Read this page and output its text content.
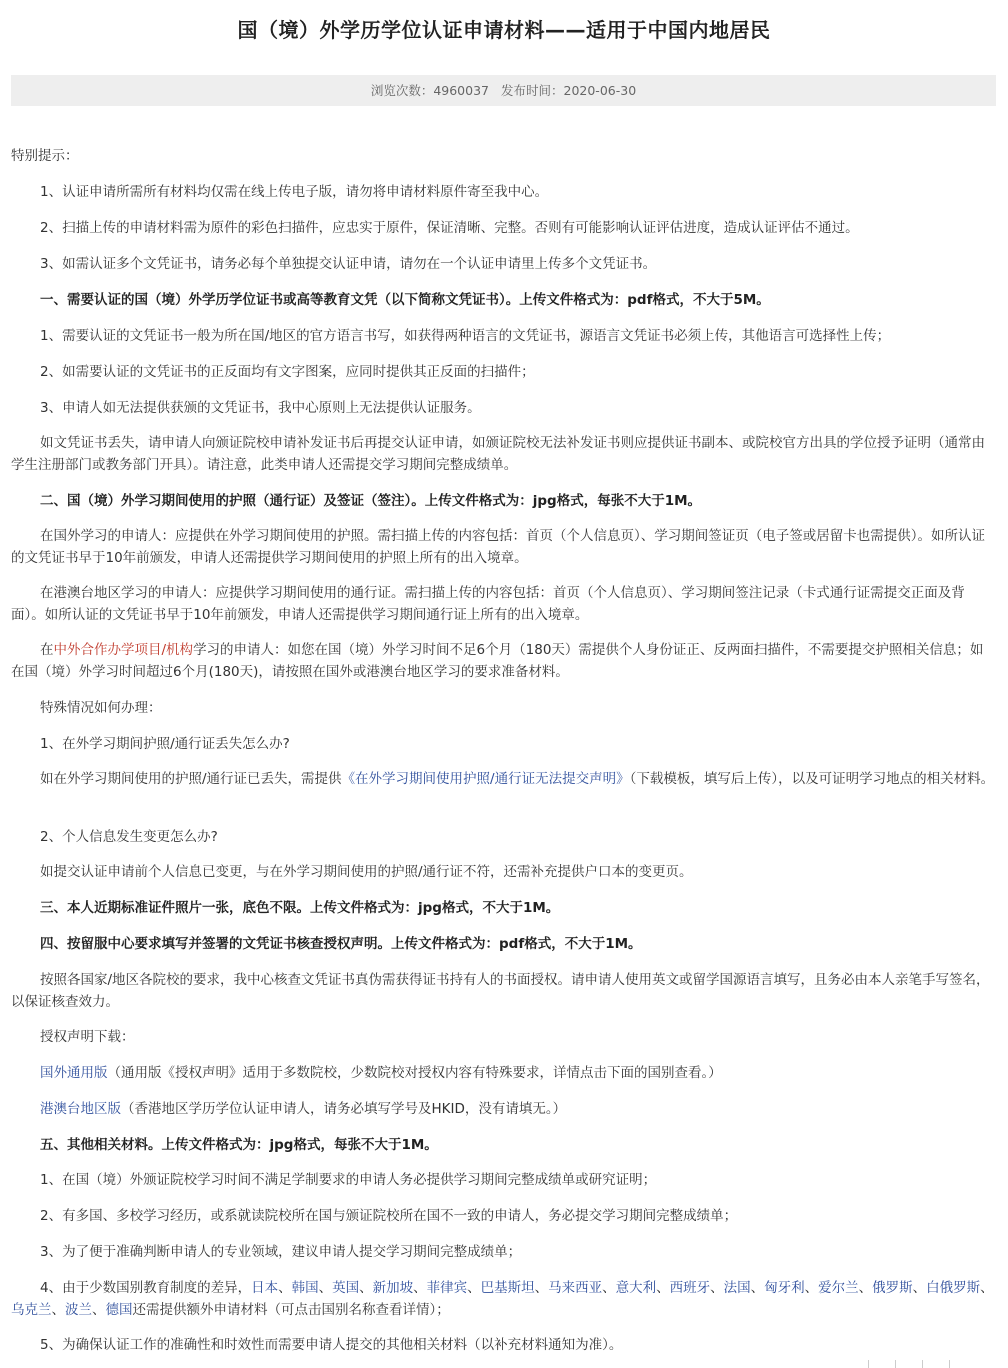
国（境）外学历学位认证申请材料——适用于中国内地居民
浏览次数：4960037 发布时间：2020-06-30
特别提示：
1、认证申请所需所有材料均仅需在线上传电子版，请勿将申请材料原件寄至我中心。
2、扫描上传的申请材料需为原件的彩色扫描件，应忠实于原件，保证清晰、完整。否则有可能影响认证评估进度，造成认证评估不通过。
3、如需认证多个文凭证书，请务必每个单独提交认证申请，请勿在一个认证申请里上传多个文凭证书。
一、需要认证的国（境）外学历学位证书或高等教育文凭（以下简称文凭证书）。上传文件格式为：pdf格式，不大于5M。
1、需要认证的文凭证书一般为所在国/地区的官方语言书写，如获得两种语言的文凭证书，源语言文凭证书必须上传，其他语言可选择性上传；
2、如需要认证的文凭证书的正反面均有文字图案，应同时提供其正反面的扫描件；
3、申请人如无法提供获颁的文凭证书，我中心原则上无法提供认证服务。
如文凭证书丢失，请申请人向颁证院校申请补发证书后再提交认证申请，如颁证院校无法补发证书则应提供证书副本、或院校官方出具的学位授予证明（通常由学生注册部门或教务部门开具）。请注意，此类申请人还需提交学习期间完整成绩单。
二、国（境）外学习期间使用的护照（通行证）及签证（签注）。上传文件格式为：jpg格式，每张不大于1M。
在国外学习的申请人：应提供在外学习期间使用的护照。需扫描上传的内容包括：首页（个人信息页）、学习期间签证页（电子签或居留卡也需提供）。如所认证的文凭证书早于10年前颁发，申请人还需提供学习期间使用的护照上所有的出入境章。
在港澳台地区学习的申请人：应提供学习期间使用的通行证。需扫描上传的内容包括：首页（个人信息页）、学习期间签注记录（卡式通行证需提交正面及背面）。如所认证的文凭证书早于10年前颁发，申请人还需提供学习期间通行证上所有的出入境章。
在中外合作办学项目/机构学习的申请人：如您在国（境）外学习时间不足6个月（180天）需提供个人身份证正、反两面扫描件，不需要提交护照相关信息；如在国（境）外学习时间超过6个月(180天)，请按照在国外或港澳台地区学习的要求准备材料。
特殊情况如何办理：
1、在外学习期间护照/通行证丢失怎么办?
如在外学习期间使用的护照/通行证已丢失，需提供《在外学习期间使用护照/通行证无法提交声明》（下载模板，填写后上传），以及可证明学习地点的相关材料。
2、个人信息发生变更怎么办?
如提交认证申请前个人信息已变更，与在外学习期间使用的护照/通行证不符，还需补充提供户口本的变更页。
三、本人近期标准证件照片一张，底色不限。上传文件格式为：jpg格式，不大于1M。
四、按留服中心要求填写并签署的文凭证书核查授权声明。上传文件格式为：pdf格式，不大于1M。
按照各国家/地区各院校的要求，我中心核查文凭证书真伪需获得证书持有人的书面授权。请申请人使用英文或留学国源语言填写，且务必由本人亲笔手写签名，以保证核查效力。
授权声明下载：
国外通用版（通用版《授权声明》适用于多数院校，少数院校对授权内容有特殊要求，详情点击下面的国别查看。）
港澳台地区版（香港地区学历学位认证申请人，请务必填写学号及HKID，没有请填无。）
五、其他相关材料。上传文件格式为：jpg格式，每张不大于1M。
1、在国（境）外颁证院校学习时间不满足学制要求的申请人务必提供学习期间完整成绩单或研究证明；
2、有多国、多校学习经历，或系就读院校所在国与颁证院校所在国不一致的申请人，务必提交学习期间完整成绩单；
3、为了便于准确判断申请人的专业领域，建议申请人提交学习期间完整成绩单；
4、由于少数国别教育制度的差异，日本、韩国、英国、新加坡、菲律宾、巴基斯坦、马来西亚、意大利、西班牙、法国、匈牙利、爱尔兰、俄罗斯、白俄罗斯、乌克兰、波兰、德国还需提供额外申请材料（可点击国别名称查看详情）；
5、为确保认证工作的准确性和时效性而需要申请人提交的其他相关材料（以补充材料通知为准）。
